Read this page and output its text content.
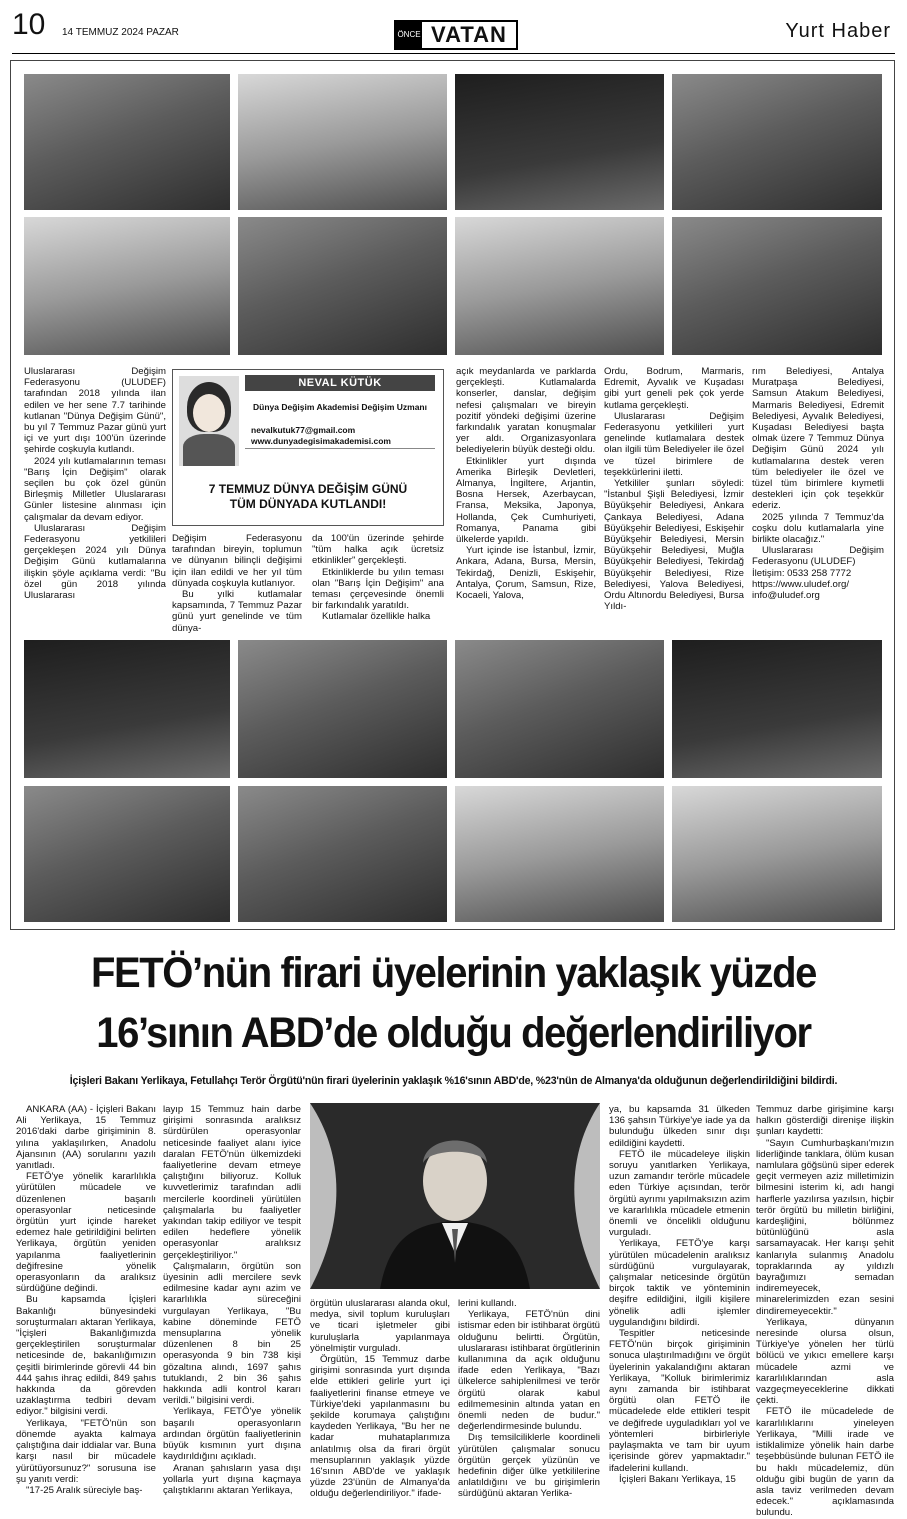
10 14 TEMMUZ 2024 PAZAR	ÖNCE VATAN	Yurt Haber

Uluslararası Değişim Federasyonu (ULUDEF) tarafından 2018 yılında ilan edilen ve her sene 7.7 tarihinde kutlanan "Dünya Değişim Günü", bu yıl 7 Temmuz Pazar günü yurt içi ve yurt dışı 100'ün üzerinde şehirde coşkuyla kutlandı.

2024 yılı kutlamalarının teması "Barış İçin Değişim" olarak seçilen bu çok özel günün Birleşmiş Milletler Uluslararası Günler listesine alınması için çalışmalar da devam ediyor.

Uluslararası Değişim Federasyonu yetkilileri gerçekleşen 2024 yılı Dünya Değişim Günü kutlamalarına ilişkin şöyle açıklama verdi: "Bu özel gün 2018 yılında Uluslararası

NEVAL KÜTÜK
Dünya Değişim Akademisi Değişim Uzmanı
nevalkutuk77@gmail.com
www.dunyadegisimakademisi.com
7 TEMMUZ DÜNYA DEĞİŞİM GÜNÜ
TÜM DÜNYADA KUTLANDI!

Değişim Federasyonu tarafından bireyin, toplumun ve dünyanın bilinçli değişimi için ilan edildi ve her yıl tüm dünyada coşkuyla kutlanıyor.

Bu yılki kutlamalar kapsamında, 7 Temmuz Pazar günü yurt genelinde ve tüm dünya-

da 100'ün üzerinde şehirde "tüm halka açık ücretsiz etkinlikler" gerçekleşti.

Etkinliklerde bu yılın teması olan "Barış İçin Değişim" ana teması çerçevesinde önemli bir farkındalık yaratıldı.

Kutlamalar özellikle halka

açık meydanlarda ve parklarda gerçekleşti. Kutlamalarda konserler, danslar, değişim nefesi çalışmaları ve bireyin pozitif yöndeki değişimi üzerine farkındalık yaratan konuşmalar yer aldı. Organizasyonlara belediyelerin büyük desteği oldu.

Etkinlikler yurt dışında Amerika Birleşik Devletleri, Almanya, İngiltere, Arjantin, Bosna Hersek, Azerbaycan, Fransa, Meksika, Japonya, Hollanda, Çek Cumhuriyeti, Romanya, Panama gibi ülkelerde yapıldı.

Yurt içinde ise İstanbul, İzmir, Ankara, Adana, Bursa, Mersin, Tekirdağ, Denizli, Eskişehir, Antalya, Çorum, Samsun, Rize, Kocaeli, Yalova,

Ordu, Bodrum, Marmaris, Edremit, Ayvalık ve Kuşadası gibi yurt geneli pek çok yerde kutlama gerçekleşti.

Uluslararası Değişim Federasyonu yetkilileri yurt genelinde kutlamalara destek olan ilgili tüm Belediyeler ile özel ve tüzel birimlere de teşekkürlerini iletti.

Yetkililer şunları söyledi: "İstanbul Şişli Belediyesi, İzmir Büyükşehir Belediyesi, Ankara Çankaya Belediyesi, Adana Büyükşehir Belediyesi, Eskişehir Büyükşehir Belediyesi, Mersin Büyükşehir Belediyesi, Muğla Büyükşehir Belediyesi, Tekirdağ Büyükşehir Belediyesi, Rize Belediyesi, Yalova Belediyesi, Ordu Altınordu Belediyesi, Bursa Yıldı-

rım Belediyesi, Antalya Muratpaşa Belediyesi, Samsun Atakum Belediyesi, Marmaris Belediyesi, Edremit Belediyesi, Ayvalık Belediyesi, Kuşadası Belediyesi başta olmak üzere 7 Temmuz Dünya Değişim Günü 2024 yılı kutlamalarına destek veren tüm belediyeler ile özel ve tüzel tüm birimlere kıymetli destekleri için çok teşekkür ederiz.

2025 yılında 7 Temmuz'da coşku dolu kutlamalarla yine birlikte olacağız."

Uluslararası Değişim Federasyonu (ULUDEF)

İletişim: 0533 258 7772

https://www.uludef.org/

info@uludef.org

FETÖ’nün firari üyelerinin yaklaşık yüzde
16’sının ABD’de olduğu değerlendiriliyor
İçişleri Bakanı Yerlikaya, Fetullahçı Terör Örgütü'nün firari üyelerinin yaklaşık %16'sının ABD'de, %23'nün de Almanya'da olduğunun değerlendirildiğini bildirdi.

ANKARA (AA) - İçişleri Bakanı Ali Yerlikaya, 15 Temmuz 2016'daki darbe girişiminin 8. yılına yaklaşılırken, Anadolu Ajansının (AA) sorularını yazılı yanıtladı.

FETÖ'ye yönelik kararlılıkla yürütülen mücadele ve düzenlenen başarılı operasyonlar neticesinde örgütün yurt içinde hareket edemez hale getirildiğini belirten Yerlikaya, örgütün yeniden yapılanma faaliyetlerinin değifresine yönelik operasyonların da aralıksız sürdüğüne değindi.

Bu kapsamda İçişleri Bakanlığı bünyesindeki soruşturmaları aktaran Yerlikaya, "İçişleri Bakanlığımızda gerçekleştirilen soruşturmalar neticesinde de, bakanlığımızın çeşitli birimlerinde görevli 44 bin 444 şahıs ihraç edildi, 849 şahıs hakkında da görevden uzaklaştırma tedbiri devam ediyor." bilgisini verdi.

Yerlikaya, "FETÖ'nün son dönemde ayakta kalmaya çalıştığına dair iddialar var. Buna karşı nasıl bir mücadele yürütüyorsunuz?" sorusuna ise şu yanıtı verdi:

"17-25 Aralık süreciyle baş-

layıp 15 Temmuz hain darbe girişimi sonrasında aralıksız sürdürülen operasyonlar neticesinde faaliyet alanı iyice daralan FETÖ'nün ülkemizdeki faaliyetlerine devam etmeye çalıştığını biliyoruz. Kolluk kuvvetlerimiz tarafından adli mercilerle koordineli yürütülen çalışmalarla bu faaliyetler yakından takip ediliyor ve tespit edilen hedeflere yönelik operasyonlar aralıksız gerçekleştiriliyor."

Çalışmaların, örgütün son üyesinin adli mercilere sevk edilmesine kadar aynı azim ve kararlılıkla süreceğini vurgulayan Yerlikaya, "Bu kabine döneminde FETÖ mensuplarına yönelik düzenlenen 8 bin 25 operasyonda 9 bin 738 kişi gözaltına alındı, 1697 şahıs tutuklandı, 2 bin 36 şahıs hakkında adli kontrol kararı verildi." bilgisini verdi.

Yerlikaya, FETÖ'ye yönelik başarılı operasyonların ardından örgütün faaliyetlerinin büyük kısmının yurt dışına kaydırıldığını açıkladı.

Aranan şahısların yasa dışı yollarla yurt dışına kaçmaya çalıştıklarını aktaran Yerlikaya,

örgütün uluslararası alanda okul, medya, sivil toplum kuruluşları ve ticari işletmeler gibi kuruluşlarla yapılanmaya yönelmiştir vurguladı.

Örgütün, 15 Temmuz darbe girişimi sonrasında yurt dışında elde ettikleri gelirle yurt içi faaliyetlerini finanse etmeye ve Türkiye'deki yapılanmasını bu şekilde korumaya çalıştığını kaydeden Yerlikaya, "Bu her ne kadar muhataplarımıza anlatılmış olsa da firari örgüt mensuplarının yaklaşık yüzde 16'sının ABD'de ve yaklaşık yüzde 23'ünün de Almanya'da olduğu değerlendiriliyor." ifade-

lerini kullandı.

Yerlikaya, FETÖ'nün dini istismar eden bir istihbarat örgütü olduğunu belirtti. Örgütün, uluslararası istihbarat örgütlerinin kullanımına da açık olduğunu ifade eden Yerlikaya, "Bazı ülkelerce sahiplenilmesi ve terör örgütü olarak kabul edilmemesinin altında yatan en önemli neden de budur." değerlendirmesinde bulundu.

Dış temsilciliklerle koordineli yürütülen çalışmalar sonucu örgütün gerçek yüzünün ve hedefinin diğer ülke yetkililerine anlatıldığını ve bu girişimlerin sürdüğünü aktaran Yerlika-

ya, bu kapsamda 31 ülkeden 136 şahsın Türkiye'ye iade ya da bulunduğu ülkeden sınır dışı edildiğini kaydetti.

FETÖ ile mücadeleye ilişkin soruyu yanıtlarken Yerlikaya, uzun zamandır terörle mücadele eden Türkiye açısından, terör örgütü ayrımı yapılmaksızın azim ve kararlılıkla mücadele etmenin önemli ve öncelikli olduğunu vurguladı.

Yerlikaya, FETÖ'ye karşı yürütülen mücadelenin aralıksız sürdüğünü vurgulayarak, çalışmalar neticesinde örgütün birçok taktik ve yönteminin deşifre edildiğini, ilgili kişilere yönelik adli işlemler uygulandığını bildirdi.

Tespitler neticesinde FETÖ'nün birçok girişiminin sonuca ulaştırılmadığını ve örgüt üyelerinin yakalandığını aktaran Yerlikaya, "Kolluk birimlerimiz aynı zamanda bir istihbarat örgütü olan FETÖ ile mücadelede elde ettikleri tespit ve değifrede uyguladıkları yol ve yöntemleri birbirleriyle paylaşmakta ve tam bir uyum içerisinde görev yapmaktadır." ifadelerini kullandı.

İçişleri Bakanı Yerlikaya, 15

Temmuz darbe girişimine karşı halkın gösterdiği direnişe ilişkin şunları kaydetti:

"Sayın Cumhurbaşkanı'mızın liderliğinde tanklara, ölüm kusan namlulara göğsünü siper ederek geçit vermeyen aziz milletimizin bilmesini isterim ki, adı hangi harflerle yazılırsa yazılsın, hiçbir terör örgütü bu milletin birliğini, kardeşliğini, bölünmez bütünlüğünü asla sarsamayacak. Her karışı şehit kanlarıyla sulanmış Anadolu topraklarında ay yıldızlı bayrağımızı semadan indiremeyecek, minarelerimizden ezan sesini dindiremeyecektir."

Yerlikaya, dünyanın neresinde olursa olsun, Türkiye'ye yönelen her türlü bölücü ve yıkıcı emellere karşı mücadele azmi ve kararlılıklarından asla vazgeçmeyeceklerine dikkati çekti.

FETÖ ile mücadelede de kararlılıklarını yineleyen Yerlikaya, "Milli irade ve istiklalimize yönelik hain darbe teşebbüsünde bulunan FETÖ ile bu haklı mücadelemiz, dün olduğu gibi bugün de yarın da asla taviz verilmeden devam edecek." açıklamasında bulundu.
